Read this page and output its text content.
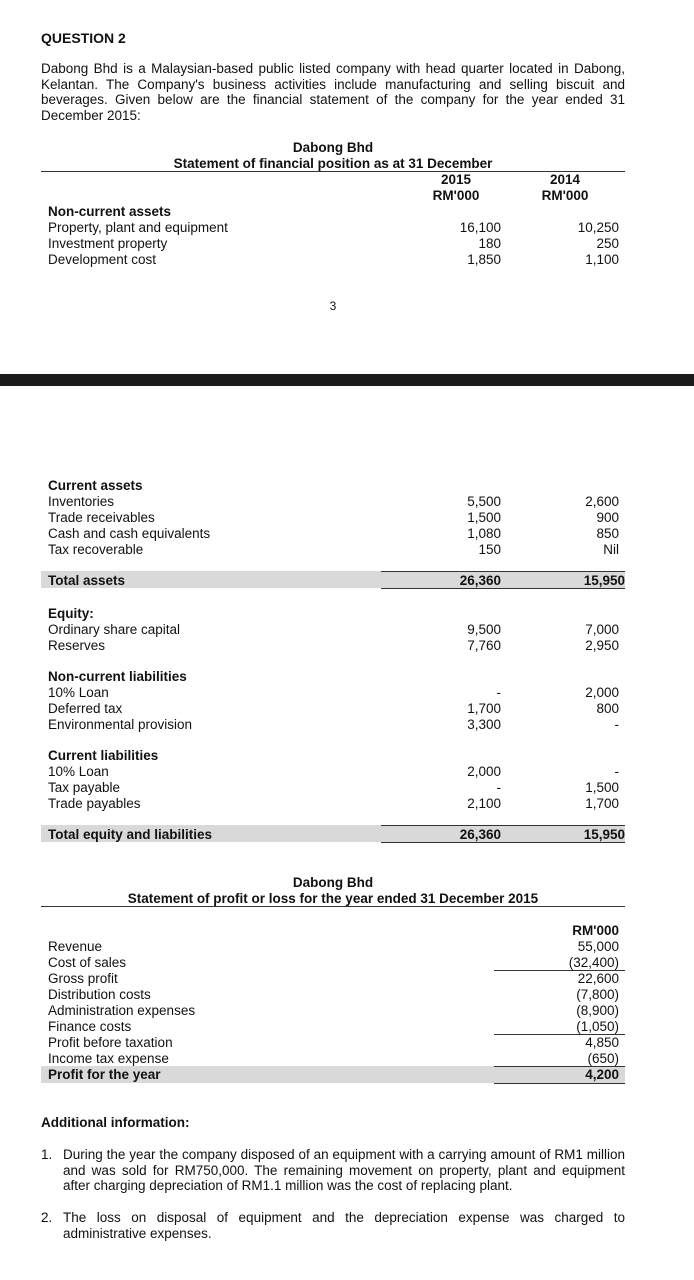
QUESTION 2
Dabong Bhd is a Malaysian-based public listed company with head quarter located in Dabong, Kelantan. The Company's business activities include manufacturing and selling biscuit and beverages. Given below are the financial statement of the company for the year ended 31 December 2015:
Dabong Bhd
Statement of financial position as at 31 December
2015	2014
RM'000	RM'000
Non-current assets
Property, plant and equipment	16,100	10,250
Investment property	180	250
Development cost	1,850	1,100
3
Current assets
Inventories	5,500	2,600
Trade receivables	1,500	900
Cash and cash equivalents	1,080	850
Tax recoverable	150	Nil
Total assets	26,360	15,950
Equity:
Ordinary share capital	9,500	7,000
Reserves	7,760	2,950
Non-current liabilities
10% Loan	-	2,000
Deferred tax	1,700	800
Environmental provision	3,300	-
Current liabilities
10% Loan	2,000	-
Tax payable	-	1,500
Trade payables	2,100	1,700
Total equity and liabilities	26,360	15,950
Dabong Bhd
Statement of profit or loss for the year ended 31 December 2015
RM'000
Revenue	55,000
Cost of sales	(32,400)
Gross profit	22,600
Distribution costs	(7,800)
Administration expenses	(8,900)
Finance costs	(1,050)
Profit before taxation	4,850
Income tax expense	(650)
Profit for the year	4,200
Additional information:
1. During the year the company disposed of an equipment with a carrying amount of RM1 million and was sold for RM750,000. The remaining movement on property, plant and equipment after charging depreciation of RM1.1 million was the cost of replacing plant.
2. The loss on disposal of equipment and the depreciation expense was charged to administrative expenses.
